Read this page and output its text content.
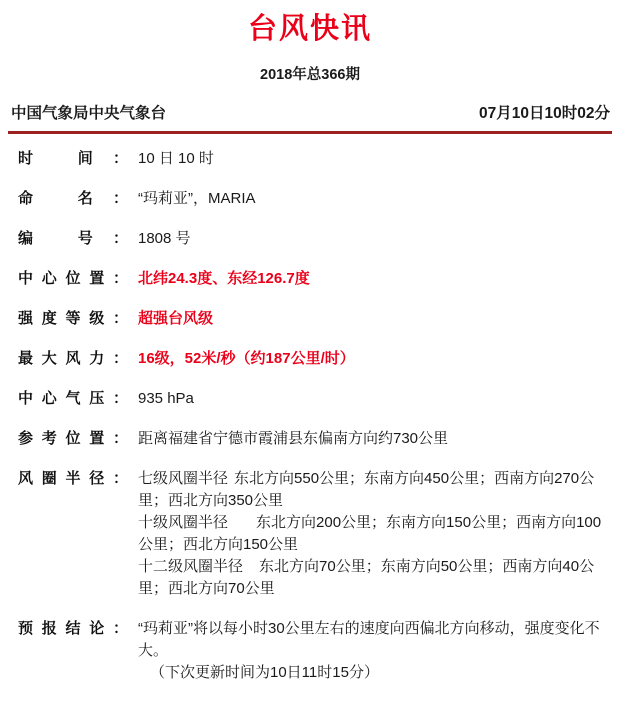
台风快讯
2018年总366期
中国气象局中央气象台	07月10日10时02分
时 间： 10 日 10 时
命 名： “玛莉亚”，MARIA
编 号： 1808 号
中心位置： 北纬24.3度、东经126.7度
强度等级： 超强台风级
最大风力： 16级，52米/秒（约187公里/时）
中心气压： 935 hPa
参考位置： 距离福建省宁德市霞浦县东偏南方向约730公里
风圈半径： 七级风圈半径 东北方向550公里；东南方向450公里；西南方向270公里；西北方向350公里
十级风圈半径 东北方向200公里；东南方向150公里；西南方向100公里；西北方向150公里
十二级风圈半径 东北方向70公里；东南方向50公里；西南方向40公里；西北方向70公里
预报结论： “玛莉亚”将以每小时30公里左右的速度向西偏北方向移动，强度变化不大。
（下次更新时间为10日11时15分）
